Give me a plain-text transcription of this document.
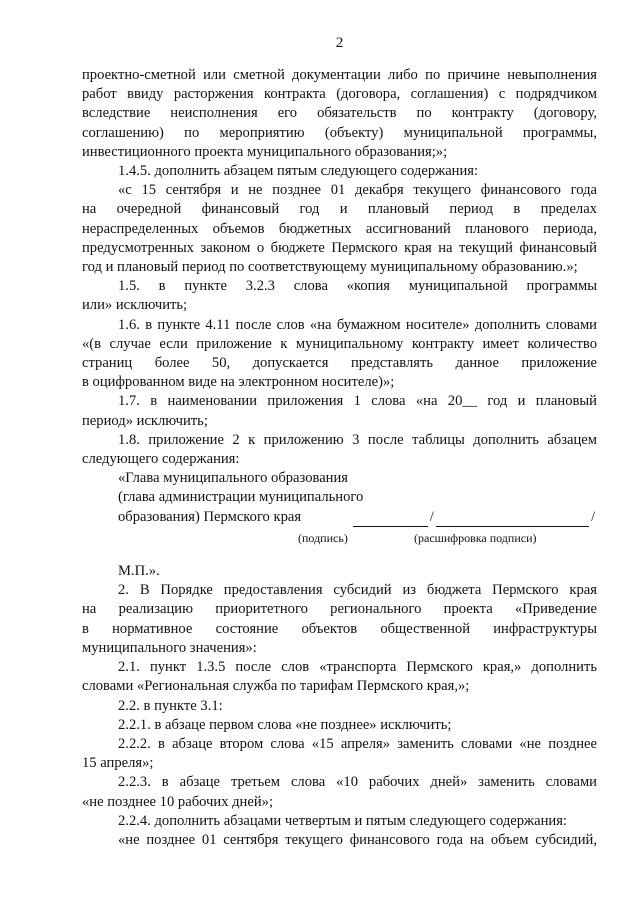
2

проектно-сметной или сметной документации либо по причине невыполнения
работ ввиду расторжения контракта (договора, соглашения) с подрядчиком
вследствие неисполнения его обязательств по контракту (договору,
соглашению) по мероприятию (объекту) муниципальной программы,
инвестиционного проекта муниципального образования;»;

1.4.5. дополнить абзацем пятым следующего содержания:

«с 15 сентября и не позднее 01 декабря текущего финансового года
на очередной финансовый год и плановый период в пределах
нераспределенных объемов бюджетных ассигнований планового периода,
предусмотренных законом о бюджете Пермского края на текущий финансовый
год и плановый период по соответствующему муниципальному образованию.»;

1.5. в пункте 3.2.3 слова «копия муниципальной программы
или» исключить;

1.6. в пункте 4.11 после слов «на бумажном носителе» дополнить словами
«(в случае если приложение к муниципальному контракту имеет количество
страниц более 50, допускается представлять данное приложение
в оцифрованном виде на электронном носителе)»;

1.7. в наименовании приложения 1 слова «на 20__ год и плановый
период» исключить;

1.8. приложение 2 к приложению 3 после таблицы дополнить абзацем
следующего содержания:

«Глава муниципального образования
(глава администрации муниципального
образования) Пермского края	/	/
(подпись)	(расшифровка подписи)
М.П.».

2. В Порядке предоставления субсидий из бюджета Пермского края
на реализацию приоритетного регионального проекта «Приведение
в нормативное состояние объектов общественной инфраструктуры
муниципального значения»:

2.1. пункт 1.3.5 после слов «транспорта Пермского края,» дополнить
словами «Региональная служба по тарифам Пермского края,»;

2.2. в пункте 3.1:

2.2.1. в абзаце первом слова «не позднее» исключить;

2.2.2. в абзаце втором слова «15 апреля» заменить словами «не позднее
15 апреля»;

2.2.3. в абзаце третьем слова «10 рабочих дней» заменить словами
«не позднее 10 рабочих дней»;

2.2.4. дополнить абзацами четвертым и пятым следующего содержания:

«не позднее 01 сентября текущего финансового года на объем субсидий,
